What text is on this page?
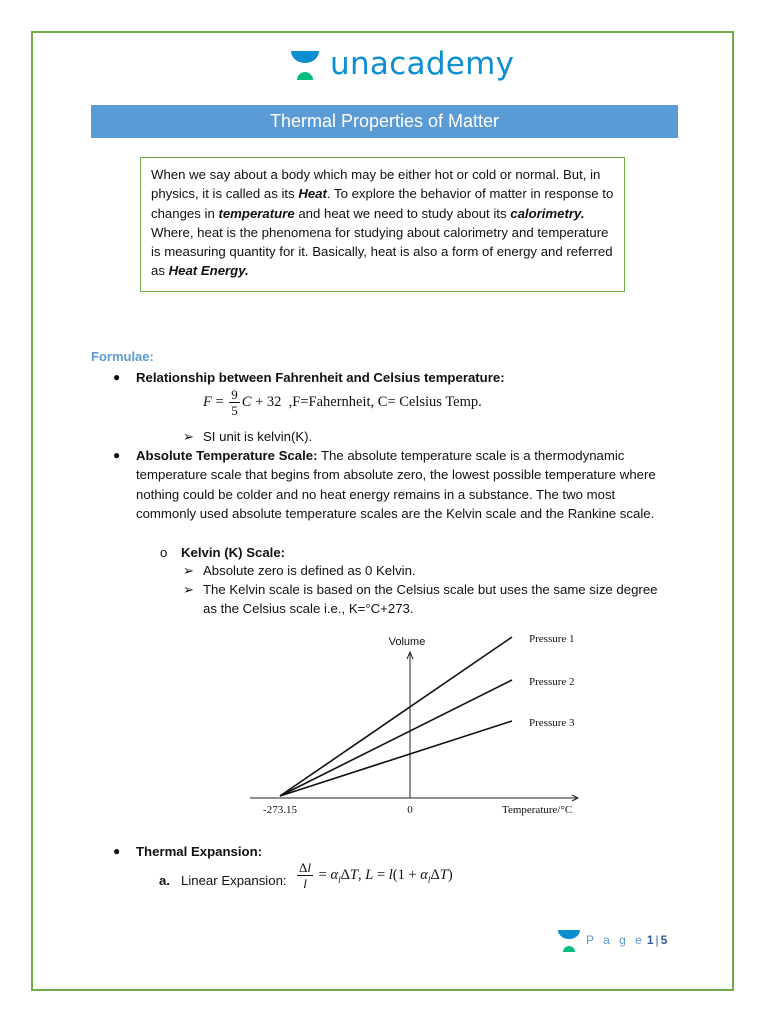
unacademy
Thermal Properties of Matter
When we say about a body which may be either hot or cold or normal. But, in physics, it is called as its Heat. To explore the behavior of matter in response to changes in temperature and heat we need to study about its calorimetry. Where, heat is the phenomena for studying about calorimetry and temperature is measuring quantity for it. Basically, heat is also a form of energy and referred as Heat Energy.
Formulae:
● Relationship between Fahrenheit and Celsius temperature:
$F = \frac{9}{5}$ C + 32  ,F=Fahernheit, C= Celsius Temp.
➢ SI unit is kelvin(K).
● Absolute Temperature Scale: The absolute temperature scale is a thermodynamic temperature scale that begins from absolute zero, the lowest possible temperature where nothing could be colder and no heat energy remains in a substance. The two most commonly used absolute temperature scales are the Kelvin scale and the Rankine scale.
o Kelvin (K) Scale:
➢ Absolute zero is defined as 0 Kelvin.
➢ The Kelvin scale is based on the Celsius scale but uses the same size degree
as the Celsius scale i.e., K=°C+273.
Volume
Temperature/°C
-273.15	0
Pressure 1
Pressure 2
Pressure 3
● Thermal Expansion:
a. Linear Expansion: $\frac{\Delta l}{l} = \alpha_l\Delta T$, $L = l(1 + \alpha_l\Delta T)$
P a g e 1 | 5
